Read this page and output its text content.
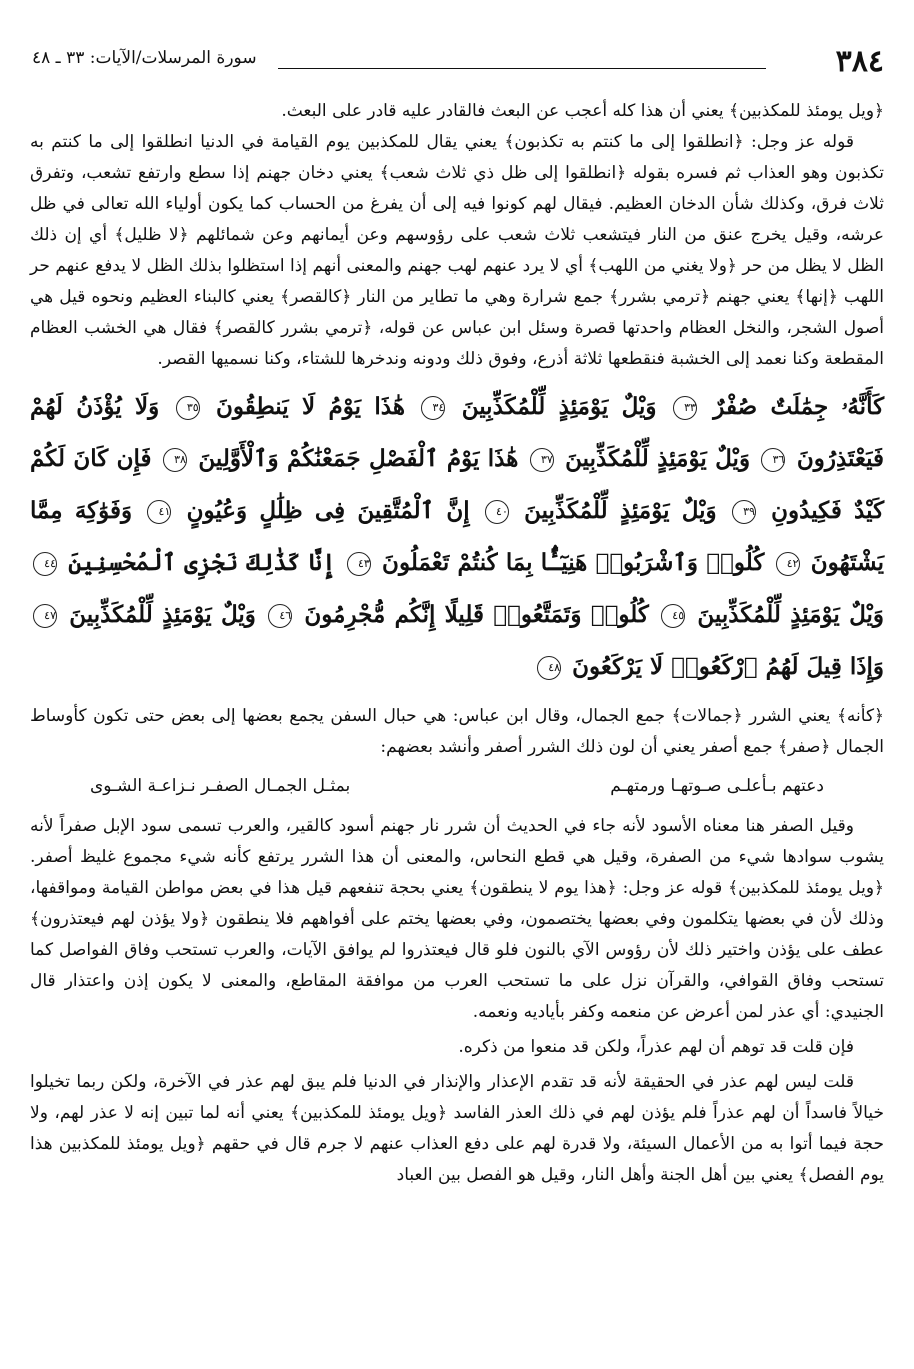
٣٨٤
سورة المرسلات/الآيات: ٣٣ ـ ٤٨

﴿ويل يومئذ للمكذبين﴾ يعني أن هذا كله أعجب عن البعث فالقادر عليه قادر على البعث.

قوله عز وجل: ﴿انطلقوا إلى ما كنتم به تكذبون﴾ يعني يقال للمكذبين يوم القيامة في الدنيا انطلقوا إلى ما كنتم به تكذبون وهو العذاب ثم فسره بقوله ﴿انطلقوا إلى ظل ذي ثلاث شعب﴾ يعني دخان جهنم إذا سطع وارتفع تشعب، وتفرق ثلاث فرق، وكذلك شأن الدخان العظيم. فيقال لهم كونوا فيه إلى أن يفرغ من الحساب كما يكون أولياء الله تعالى في ظل عرشه، وقيل يخرج عنق من النار فيتشعب ثلاث شعب على رؤوسهم وعن أيمانهم وعن شمائلهم ﴿لا ظليل﴾ أي إن ذلك الظل لا يظل من حر ﴿ولا يغني من اللهب﴾ أي لا يرد عنهم لهب جهنم والمعنى أنهم إذا استظلوا بذلك الظل لا يدفع عنهم حر اللهب ﴿إنها﴾ يعني جهنم ﴿ترمي بشرر﴾ جمع شرارة وهي ما تطاير من النار ﴿كالقصر﴾ يعني كالبناء العظيم ونحوه قيل هي أصول الشجر، والنخل العظام واحدتها قصرة وسئل ابن عباس عن قوله، ﴿ترمي بشرر كالقصر﴾ فقال هي الخشب العظام المقطعة وكنا نعمد إلى الخشبة فنقطعها ثلاثة أذرع، وفوق ذلك ودونه وندخرها للشتاء، وكنا نسميها القصر.

كَأَنَّهُۥ جِمَٰلَتٌ صُفْرٌ ٣٣ وَيْلٌ يَوْمَئِذٍ لِّلْمُكَذِّبِينَ ٣٤ هَٰذَا يَوْمُ لَا يَنطِقُونَ ٣٥ وَلَا يُؤْذَنُ لَهُمْ فَيَعْتَذِرُونَ ٣٦ وَيْلٌ يَوْمَئِذٍ لِّلْمُكَذِّبِينَ ٣٧ هَٰذَا يَوْمُ ٱلْفَصْلِ جَمَعْنَٰكُمْ وَٱلْأَوَّلِينَ ٣٨ فَإِن كَانَ لَكُمْ كَيْدٌ فَكِيدُونِ ٣٩ وَيْلٌ يَوْمَئِذٍ لِّلْمُكَذِّبِينَ ٤٠ إِنَّ ٱلْمُتَّقِينَ فِى ظِلَٰلٍ وَعُيُونٍ ٤١ وَفَوَٰكِهَ مِمَّا يَشْتَهُونَ ٤٢ كُلُوا۟ وَٱشْرَبُوا۟ هَنِيٓـًٔۢا بِمَا كُنتُمْ تَعْمَلُونَ ٤٣ إِنَّا كَذَٰلِكَ نَجْزِى ٱلْمُحْسِنِينَ ٤٤ وَيْلٌ يَوْمَئِذٍ لِّلْمُكَذِّبِينَ ٤٥ كُلُوا۟ وَتَمَتَّعُوا۟ قَلِيلًا إِنَّكُم مُّجْرِمُونَ ٤٦ وَيْلٌ يَوْمَئِذٍ لِّلْمُكَذِّبِينَ ٤٧ وَإِذَا قِيلَ لَهُمُ ٱرْكَعُوا۟ لَا يَرْكَعُونَ ٤٨

﴿كأنه﴾ يعني الشرر ﴿جمالات﴾ جمع الجمال، وقال ابن عباس: هي حبال السفن يجمع بعضها إلى بعض حتى تكون كأوساط الجمال ﴿صفر﴾ جمع أصفر يعني أن لون ذلك الشرر أصفر وأنشد بعضهم:

دعتهم بـأعلـى صـوتهـا ورمتهـم
بمثـل الجمـال الصفـر نـزاعـة الشـوى

وقيل الصفر هنا معناه الأسود لأنه جاء في الحديث أن شرر نار جهنم أسود كالقير، والعرب تسمى سود الإبل صفراً لأنه يشوب سوادها شيء من الصفرة، وقيل هي قطع النحاس، والمعنى أن هذا الشرر يرتفع كأنه شيء مجموع غليظ أصفر. ﴿ويل يومئذ للمكذبين﴾ قوله عز وجل: ﴿هذا يوم لا ينطقون﴾ يعني بحجة تنفعهم قيل هذا في بعض مواطن القيامة ومواقفها، وذلك لأن في بعضها يتكلمون وفي بعضها يختصمون، وفي بعضها يختم على أفواههم فلا ينطقون ﴿ولا يؤذن لهم فيعتذرون﴾ عطف على يؤذن واختير ذلك لأن رؤوس الآي بالنون فلو قال فيعتذروا لم يوافق الآيات، والعرب تستحب وفاق الفواصل كما تستحب وفاق القوافي، والقرآن نزل على ما تستحب العرب من موافقة المقاطع، والمعنى لا يكون إذن واعتذار قال الجنيدي: أي عذر لمن أعرض عن منعمه وكفر بأياديه ونعمه.

فإن قلت قد توهم أن لهم عذراً، ولكن قد منعوا من ذكره.

قلت ليس لهم عذر في الحقيقة لأنه قد تقدم الإعذار والإنذار في الدنيا فلم يبق لهم عذر في الآخرة، ولكن ربما تخيلوا خيالاً فاسداً أن لهم عذراً فلم يؤذن لهم في ذلك العذر الفاسد ﴿ويل يومئذ للمكذبين﴾ يعني أنه لما تبين إنه لا عذر لهم، ولا حجة فيما أتوا به من الأعمال السيئة، ولا قدرة لهم على دفع العذاب عنهم لا جرم قال في حقهم ﴿ويل يومئذ للمكذبين هذا يوم الفصل﴾ يعني بين أهل الجنة وأهل النار، وقيل هو الفصل بين العباد
